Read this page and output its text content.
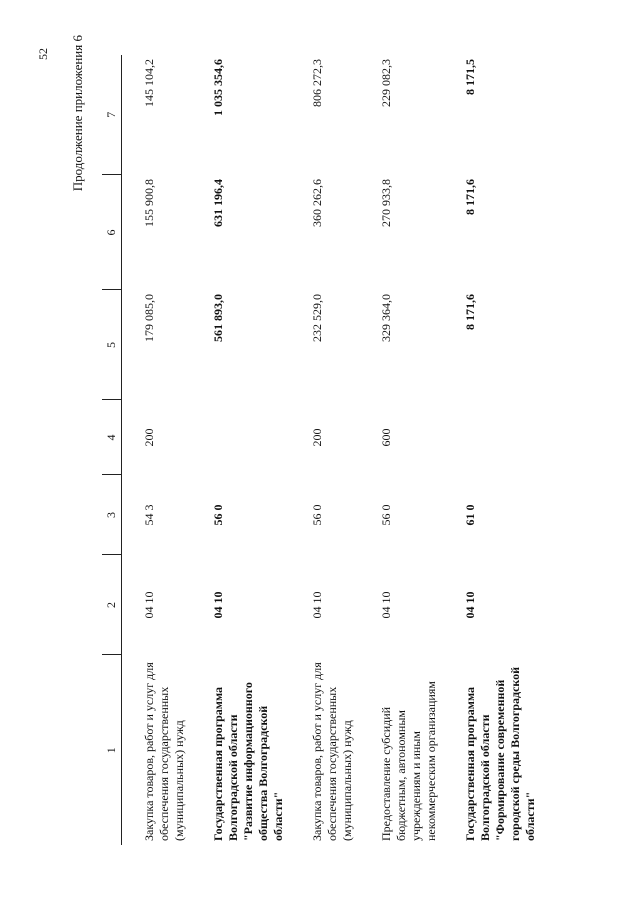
52 Продолжение приложения 6
1	2	3	4	5	6	7
Закупка товаров, работ и услуг для обеспечения государственных (муниципальных) нужд	04 10	54 3	200	179 085,0	155 900,8	145 104,2
Государственная программа Волгоградской области "Развитие информационного общества Волгоградской области"	04 10	56 0		561 893,0	631 196,4	1 035 354,6
Закупка товаров, работ и услуг для обеспечения государственных (муниципальных) нужд	04 10	56 0	200	232 529,0	360 262,6	806 272,3
Предоставление субсидий бюджетным, автономным учреждениям и иным некоммерческим организациям	04 10	56 0	600	329 364,0	270 933,8	229 082,3
Государственная программа Волгоградской области "Формирование современной городской среды Волгоградской области"	04 10	61 0		8 171,6	8 171,6	8 171,5
